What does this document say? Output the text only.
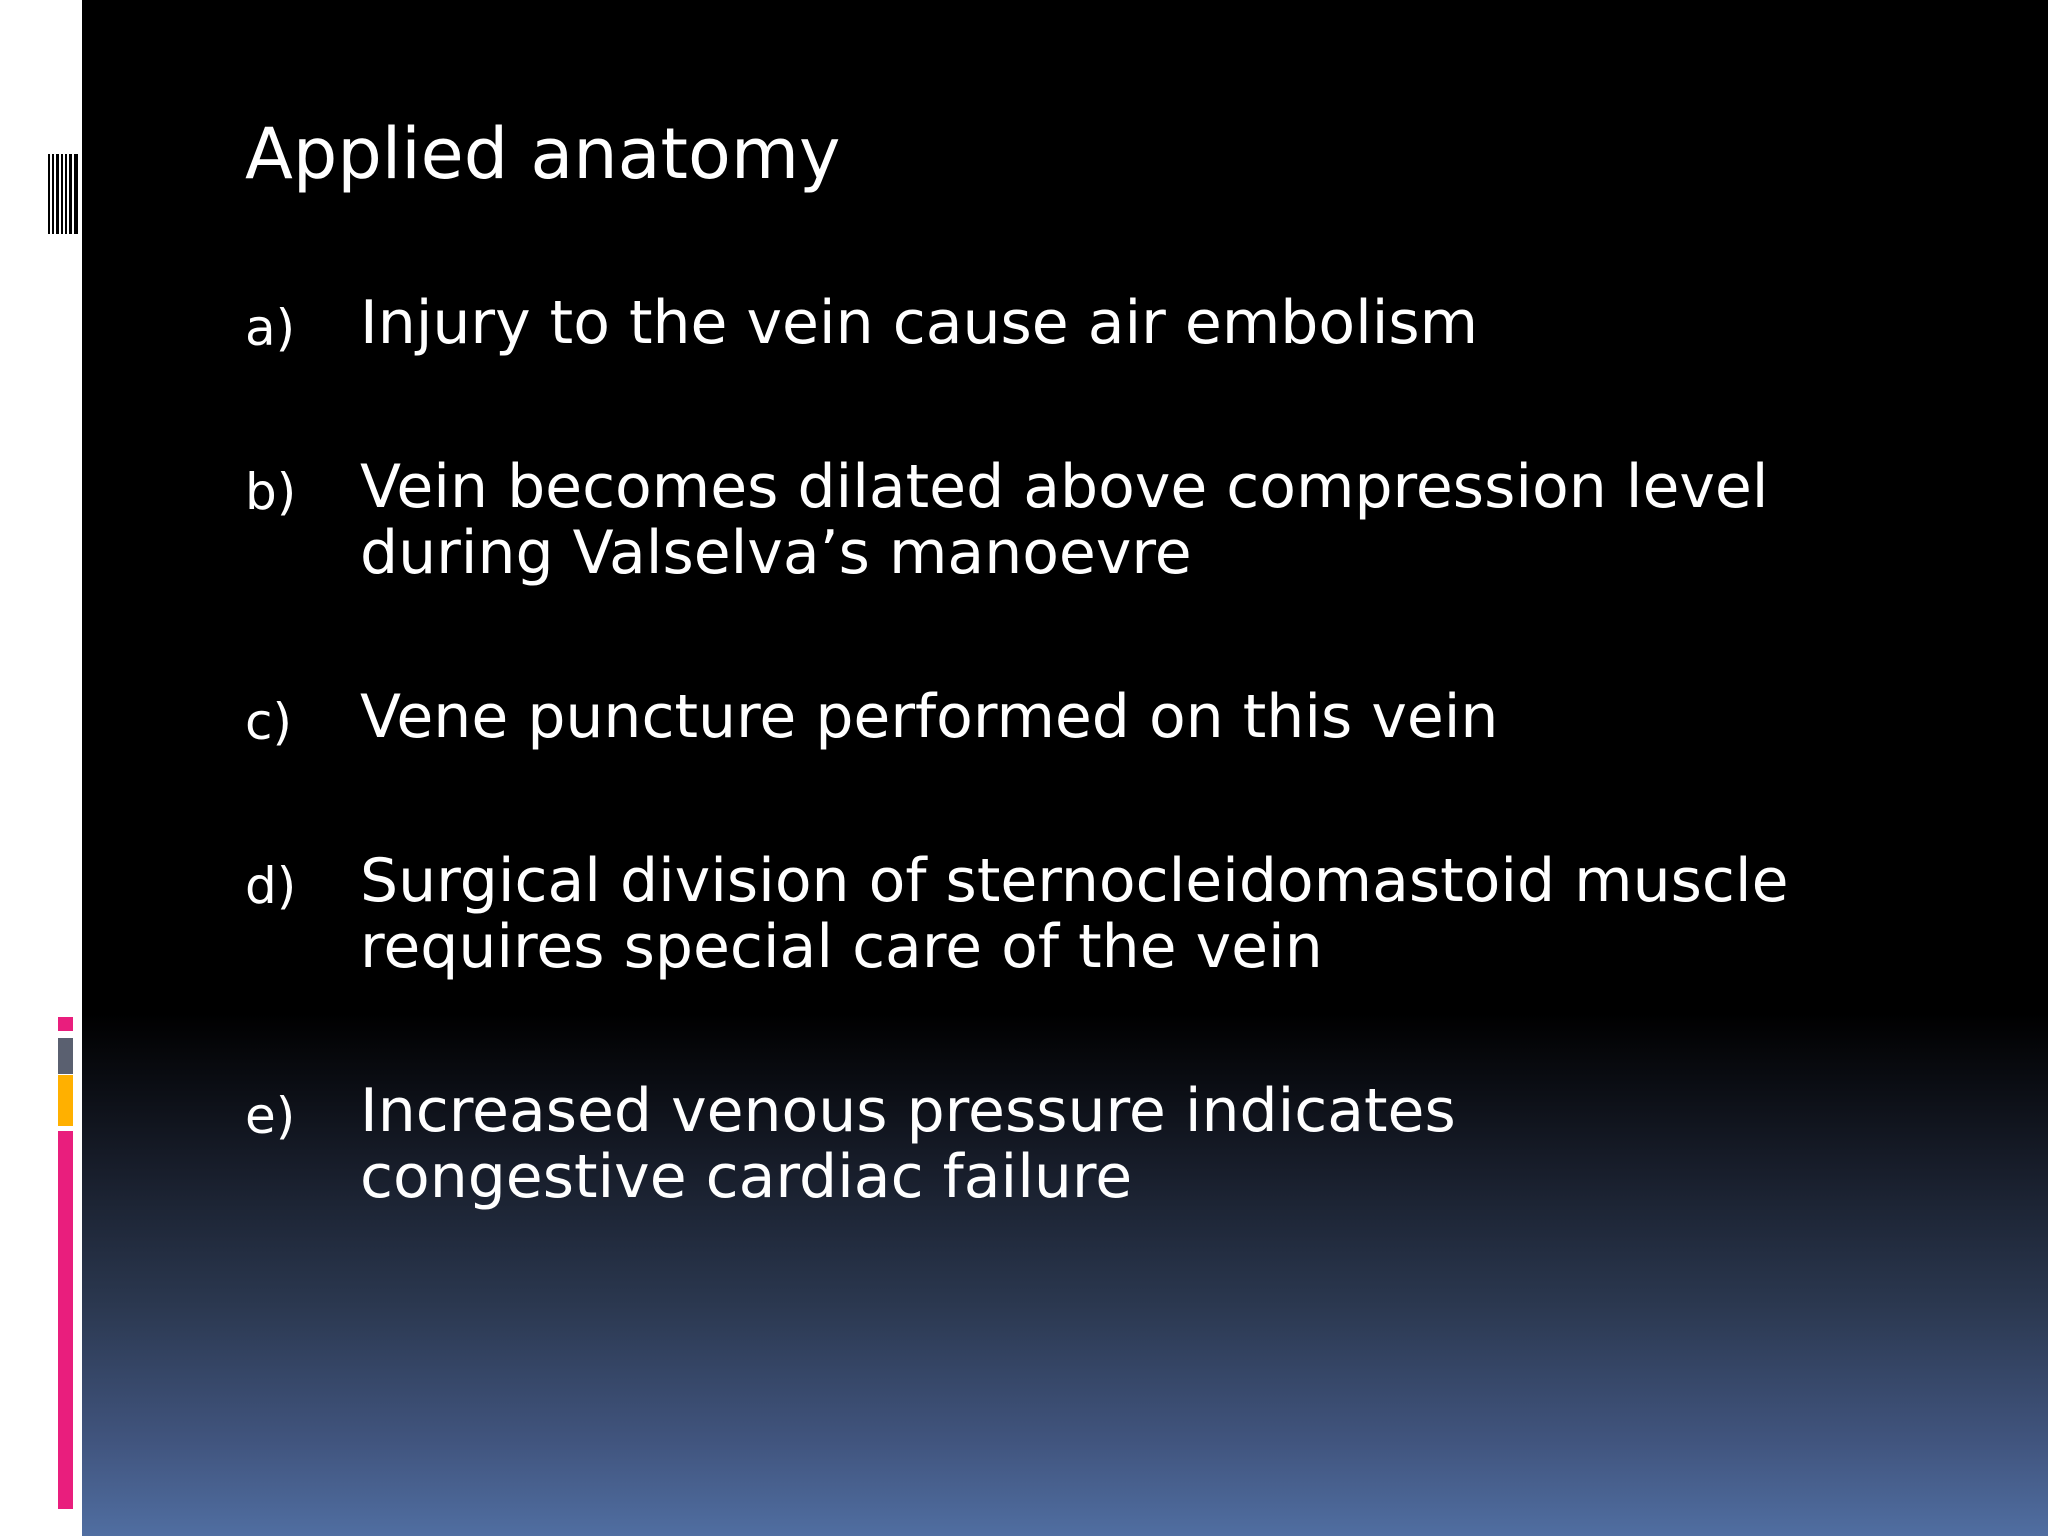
Applied anatomy
a) Injury to the vein cause air embolism
b) Vein becomes dilated above compression level during Valselva’s manoevre
c) Vene puncture performed on this vein
d) Surgical division of sternocleidomastoid muscle requires special care of the vein
e) Increased venous pressure indicates congestive cardiac failure
